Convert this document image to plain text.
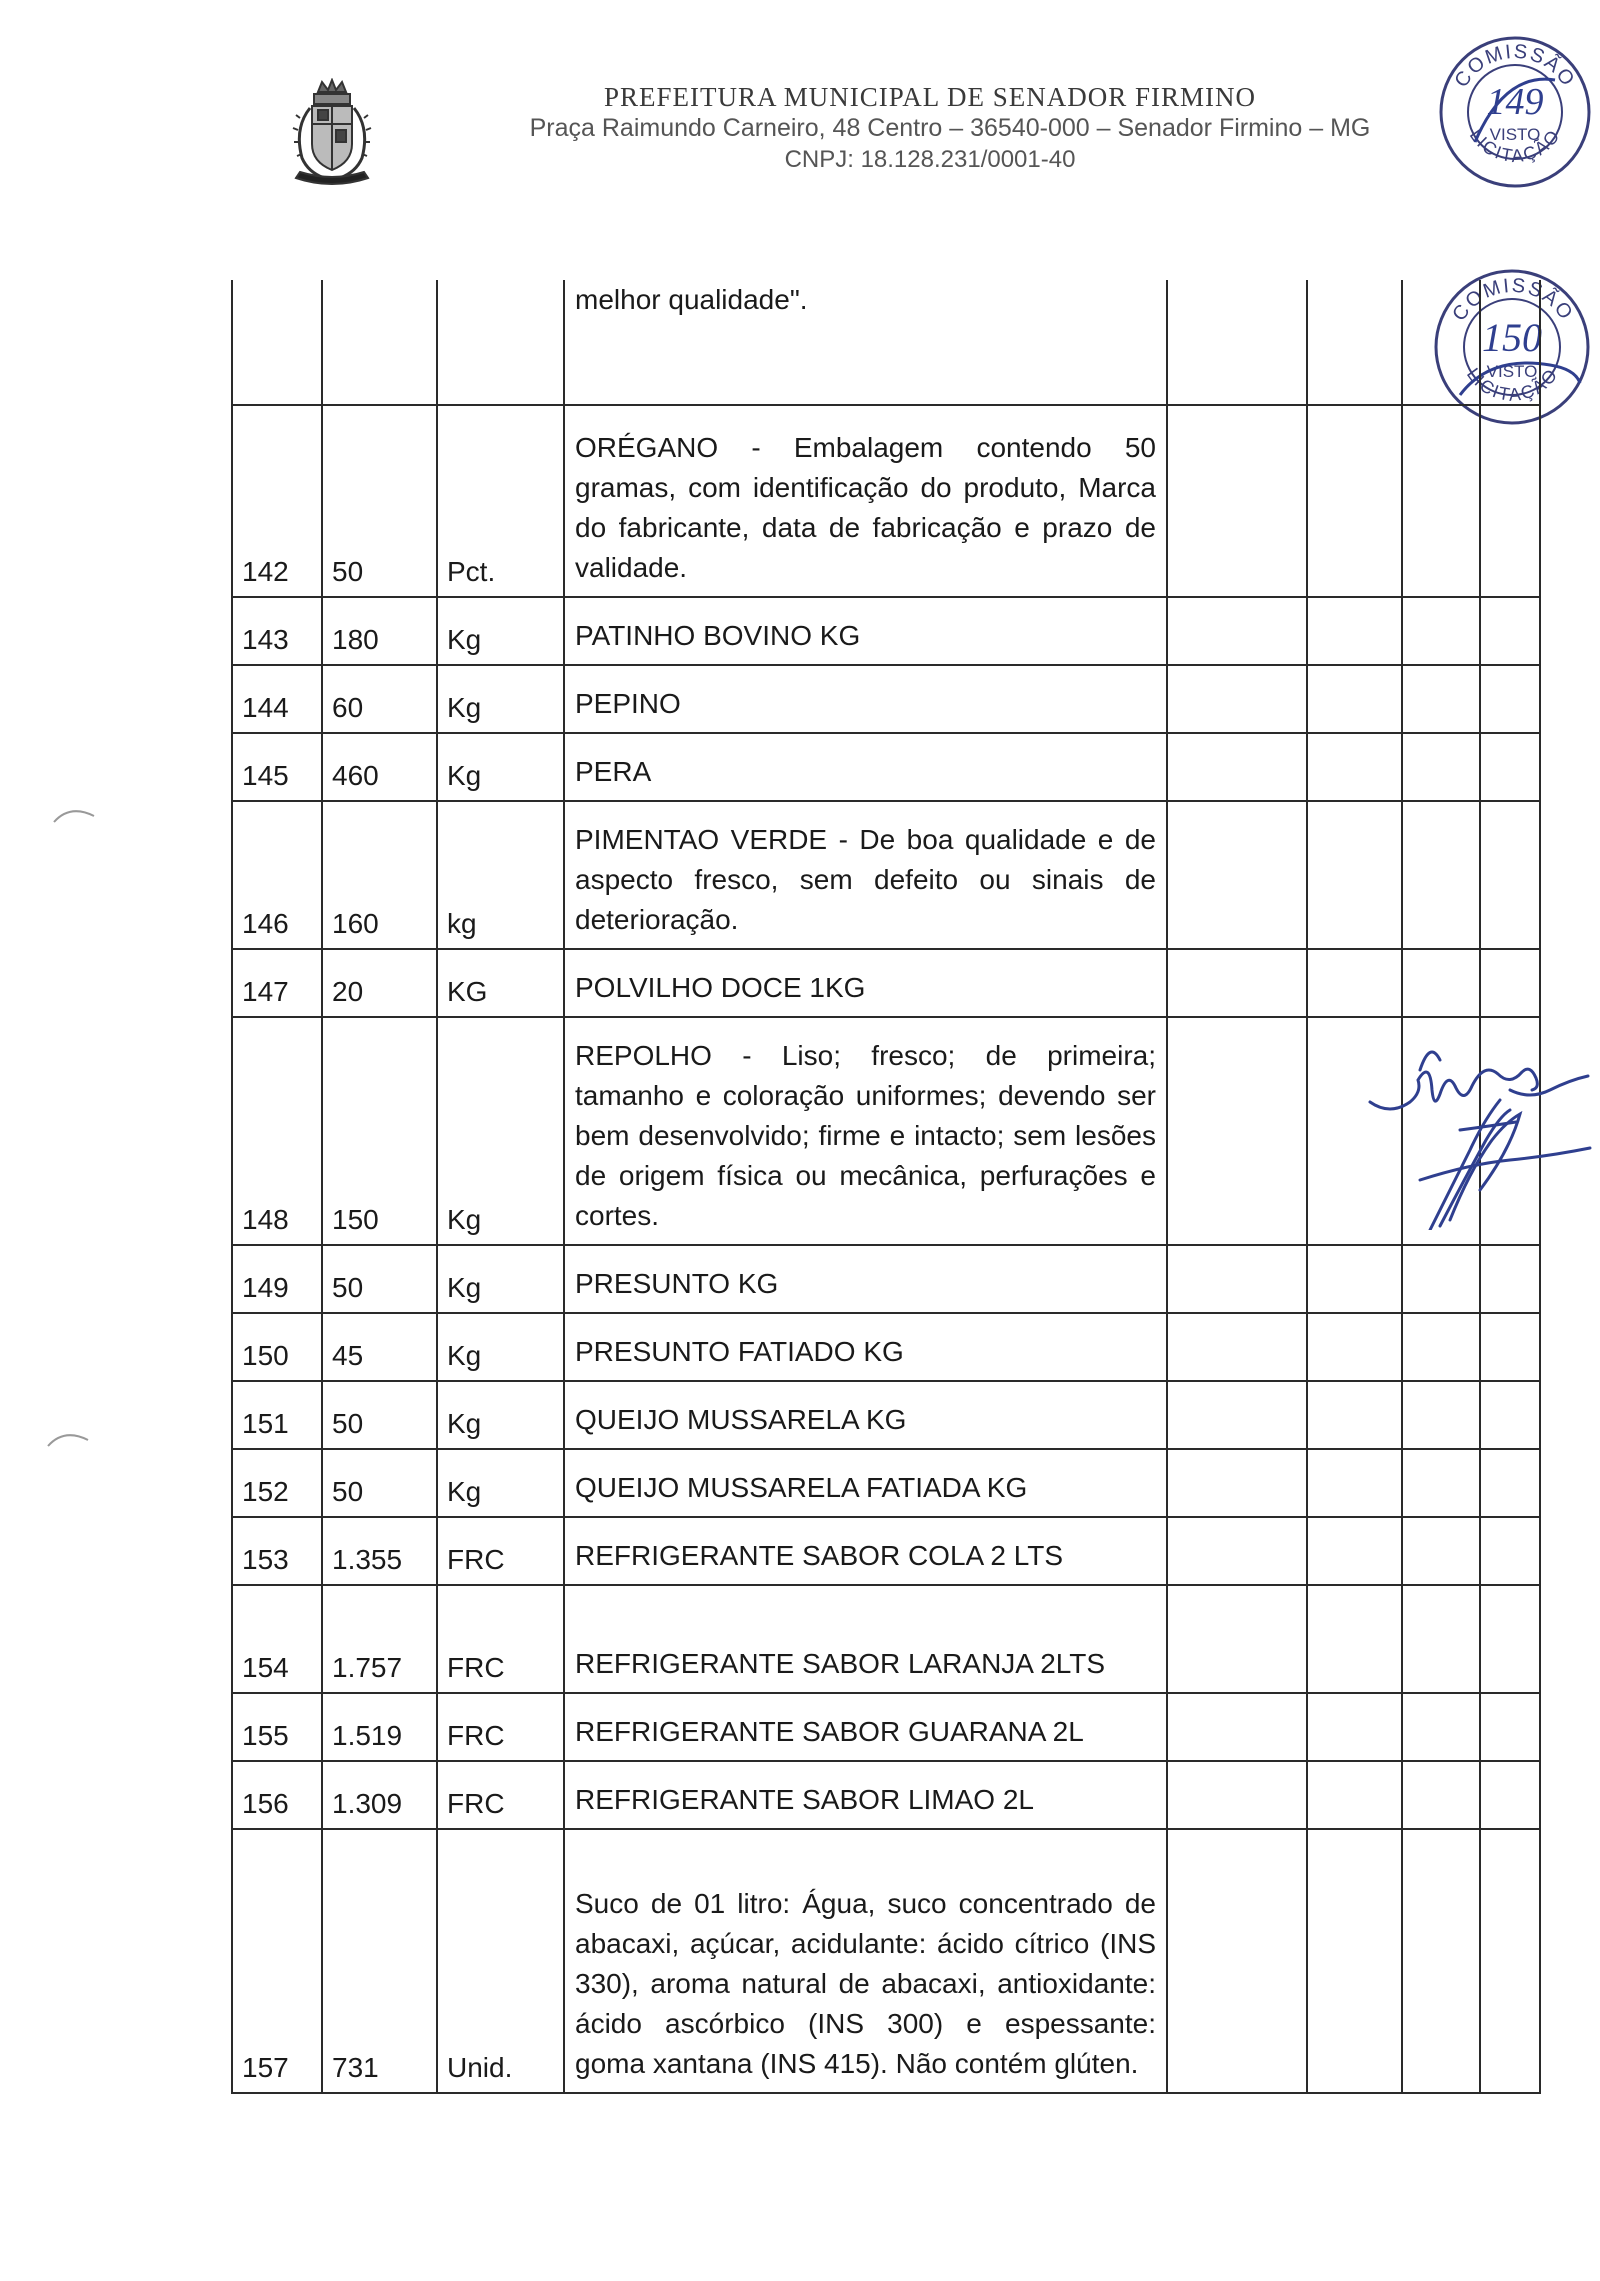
PREFEITURA MUNICIPAL DE SENADOR FIRMINO
Praça Raimundo Carneiro, 48 Centro – 36540-000 – Senador Firmino – MG
CNPJ: 18.128.231/0001-40
COMISSÃO
149
VISTO
LICITAÇÃO
COMISSÃO
150
VISTO
LICITAÇÃO

			melhor qualidade".				

142	50	Pct.	ORÉGANO - Embalagem contendo 50 gramas, com identificação do produto, Marca do fabricante, data de fabricação e prazo de validade.				

143	180	Kg	PATINHO BOVINO KG				

144	60	Kg	PEPINO				

145	460	Kg	PERA				

146	160	kg	PIMENTAO VERDE - De boa qualidade e de aspecto fresco, sem defeito ou sinais de deterioração.				

147	20	KG	POLVILHO DOCE 1KG				

148	150	Kg	REPOLHO - Liso; fresco; de primeira; tamanho e coloração uniformes; devendo ser bem desenvolvido; firme e intacto; sem lesões de origem física ou mecânica, perfurações e cortes.				

149	50	Kg	PRESUNTO KG				

150	45	Kg	PRESUNTO FATIADO KG				

151	50	Kg	QUEIJO MUSSARELA KG				

152	50	Kg	QUEIJO MUSSARELA FATIADA KG				

153	1.355	FRC	REFRIGERANTE SABOR COLA 2 LTS				

154	1.757	FRC	REFRIGERANTE SABOR LARANJA 2LTS				

155	1.519	FRC	REFRIGERANTE SABOR GUARANA 2L				

156	1.309	FRC	REFRIGERANTE SABOR LIMAO 2L				

157	731	Unid.	Suco de 01 litro: Água, suco concentrado de abacaxi, açúcar, acidulante: ácido cítrico (INS 330), aroma natural de abacaxi, antioxidante: ácido ascórbico (INS 300) e espessante: goma xantana (INS 415). Não contém glúten.				
